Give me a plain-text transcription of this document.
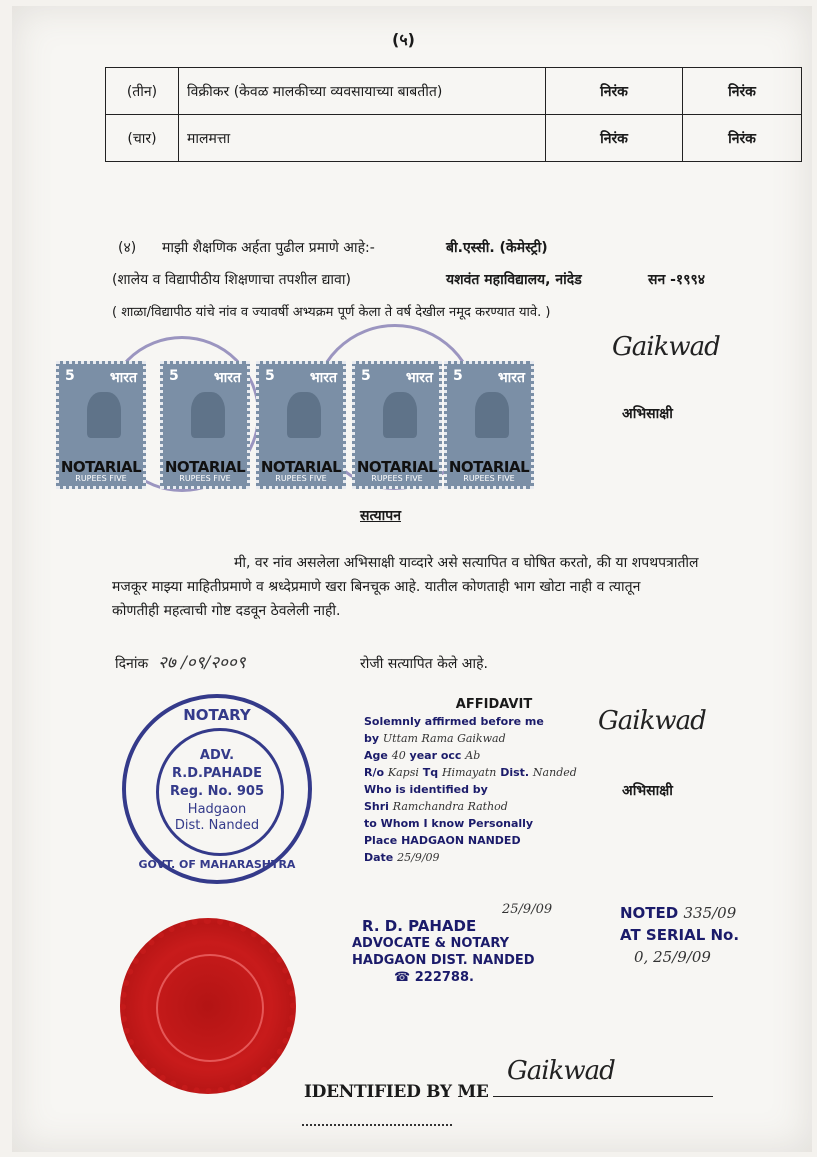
(५)
(तीन)	विक्रीकर (केवळ मालकीच्या व्यवसायाच्या बाबतीत)	निरंक	निरंक
(चार)	मालमत्ता	निरंक	निरंक
(४) माझी शैक्षणिक अर्हता पुढील प्रमाणे आहे:-	बी.एस्सी. (केमेस्ट्री)
(शालेय व विद्यापीठीय शिक्षणाचा तपशील द्यावा)	यशवंत महाविद्यालय, नांदेड	सन -१९९४
( शाळा/विद्यापीठ यांचे नांव व ज्यावर्षी अभ्यक्रम पूर्ण केला ते वर्ष देखील नमूद करण्यात यावे. )
Gaikwad
अभिसाक्षी
5	भारत
NOTARIAL
RUPEES FIVE
5	भारत
NOTARIAL
RUPEES FIVE
5	भारत
NOTARIAL
RUPEES FIVE
5	भारत
NOTARIAL
RUPEES FIVE
5	भारत
NOTARIAL
RUPEES FIVE
सत्यापन
मी, वर नांव असलेला अभिसाक्षी याव्दारे असे सत्यापित व घोषित करतो, की या शपथपत्रातील
मजकूर माझ्या माहितीप्रमाणे व श्रध्देप्रमाणे खरा बिनचूक आहे. यातील कोणताही भाग खोटा नाही व त्यातून
कोणतीही महत्वाची गोष्ट दडवून ठेवलेली नाही.
दिनांक २७ /०९/२००९	रोजी सत्यापित केले आहे.
NOTARY
ADV.
R.D.PAHADE
Reg. No. 905
Hadgaon
Dist. Nanded
GOVT. OF MAHARASHTRA
AFFIDAVIT
Solemnly affirmed before me
by Uttam Rama Gaikwad
Age 40 year occ Ab
R/o Kapsi Tq Himayatn Dist. Nanded
Who is identified by
Shri Ramchandra Rathod
to Whom I know Personally
Place HADGAON NANDED
Date 25/9/09
Gaikwad
अभिसाक्षी
25/9/09
R. D. PAHADE
ADVOCATE & NOTARY
HADGAON DIST. NANDED
☎ 222788.
NOTED 335/09
AT SERIAL No.
0, 25/9/09
IDENTIFIED BY ME
Gaikwad
